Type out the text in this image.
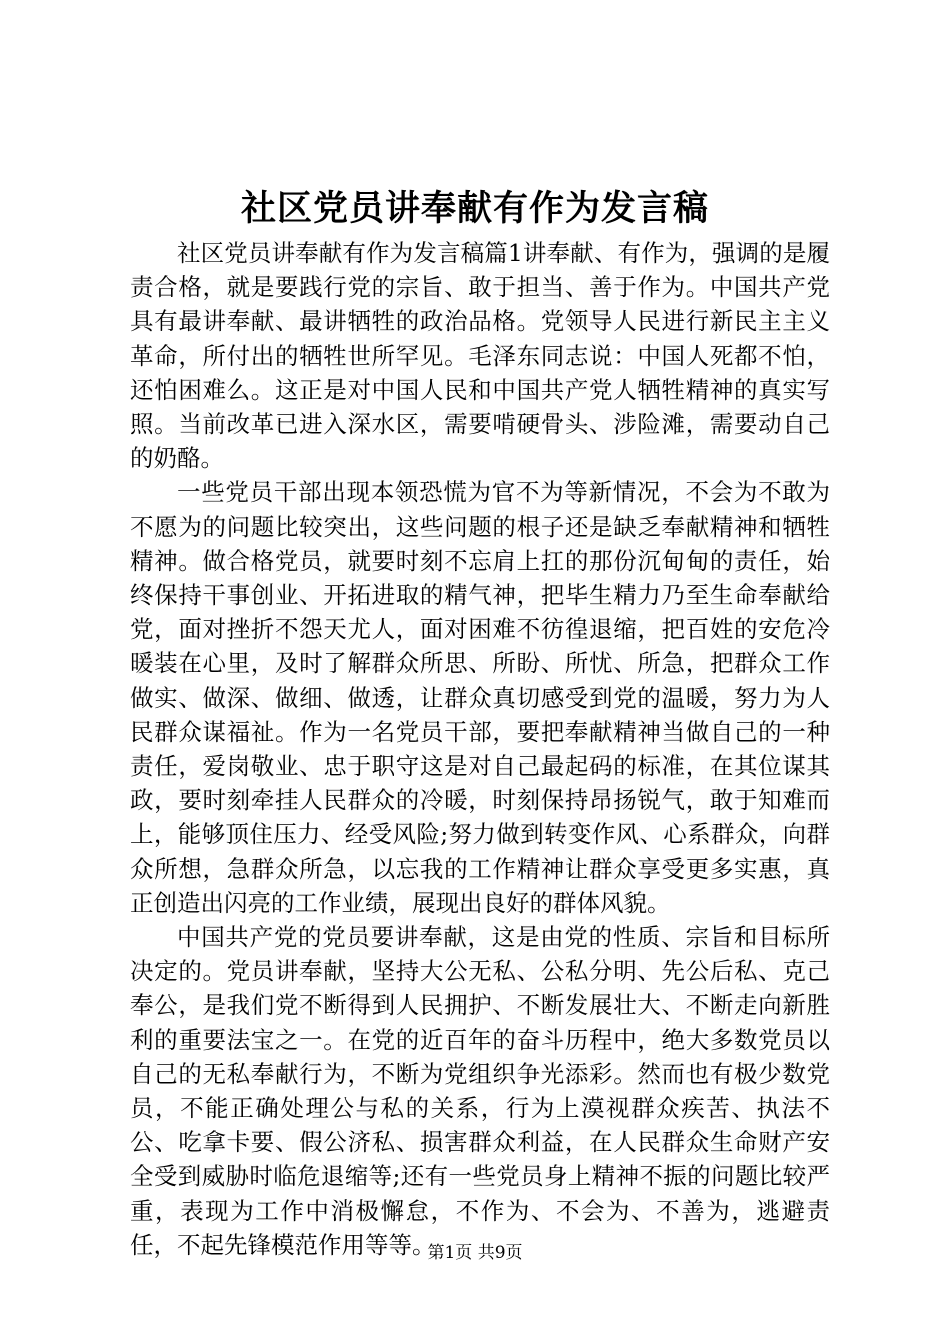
社区党员讲奉献有作为发言稿

社区党员讲奉献有作为发言稿篇1讲奉献、有作为，强调的是履责合格，就是要践行党的宗旨、敢于担当、善于作为。中国共产党具有最讲奉献、最讲牺牲的政治品格。党领导人民进行新民主主义革命，所付出的牺牲世所罕见。毛泽东同志说：中国人死都不怕，还怕困难么。这正是对中国人民和中国共产党人牺牲精神的真实写照。当前改革已进入深水区，需要啃硬骨头、涉险滩，需要动自己的奶酪。

一些党员干部出现本领恐慌为官不为等新情况，不会为不敢为不愿为的问题比较突出，这些问题的根子还是缺乏奉献精神和牺牲精神。做合格党员，就要时刻不忘肩上扛的那份沉甸甸的责任，始终保持干事创业、开拓进取的精气神，把毕生精力乃至生命奉献给党，面对挫折不怨天尤人，面对困难不彷徨退缩，把百姓的安危冷暖装在心里，及时了解群众所思、所盼、所忧、所急，把群众工作做实、做深、做细、做透，让群众真切感受到党的温暖，努力为人民群众谋福祉。作为一名党员干部，要把奉献精神当做自己的一种责任，爱岗敬业、忠于职守这是对自己最起码的标准，在其位谋其政，要时刻牵挂人民群众的冷暖，时刻保持昂扬锐气，敢于知难而上，能够顶住压力、经受风险;努力做到转变作风、心系群众，向群众所想，急群众所急，以忘我的工作精神让群众享受更多实惠，真正创造出闪亮的工作业绩，展现出良好的群体风貌。

中国共产党的党员要讲奉献，这是由党的性质、宗旨和目标所决定的。党员讲奉献，坚持大公无私、公私分明、先公后私、克己奉公，是我们党不断得到人民拥护、不断发展壮大、不断走向新胜利的重要法宝之一。在党的近百年的奋斗历程中，绝大多数党员以自己的无私奉献行为，不断为党组织争光添彩。然而也有极少数党员，不能正确处理公与私的关系，行为上漠视群众疾苦、执法不公、吃拿卡要、假公济私、损害群众利益，在人民群众生命财产安全受到威胁时临危退缩等;还有一些党员身上精神不振的问题比较严重，表现为工作中消极懈怠，不作为、不会为、不善为，逃避责任，不起先锋模范作用等等。

第1页 共9页
